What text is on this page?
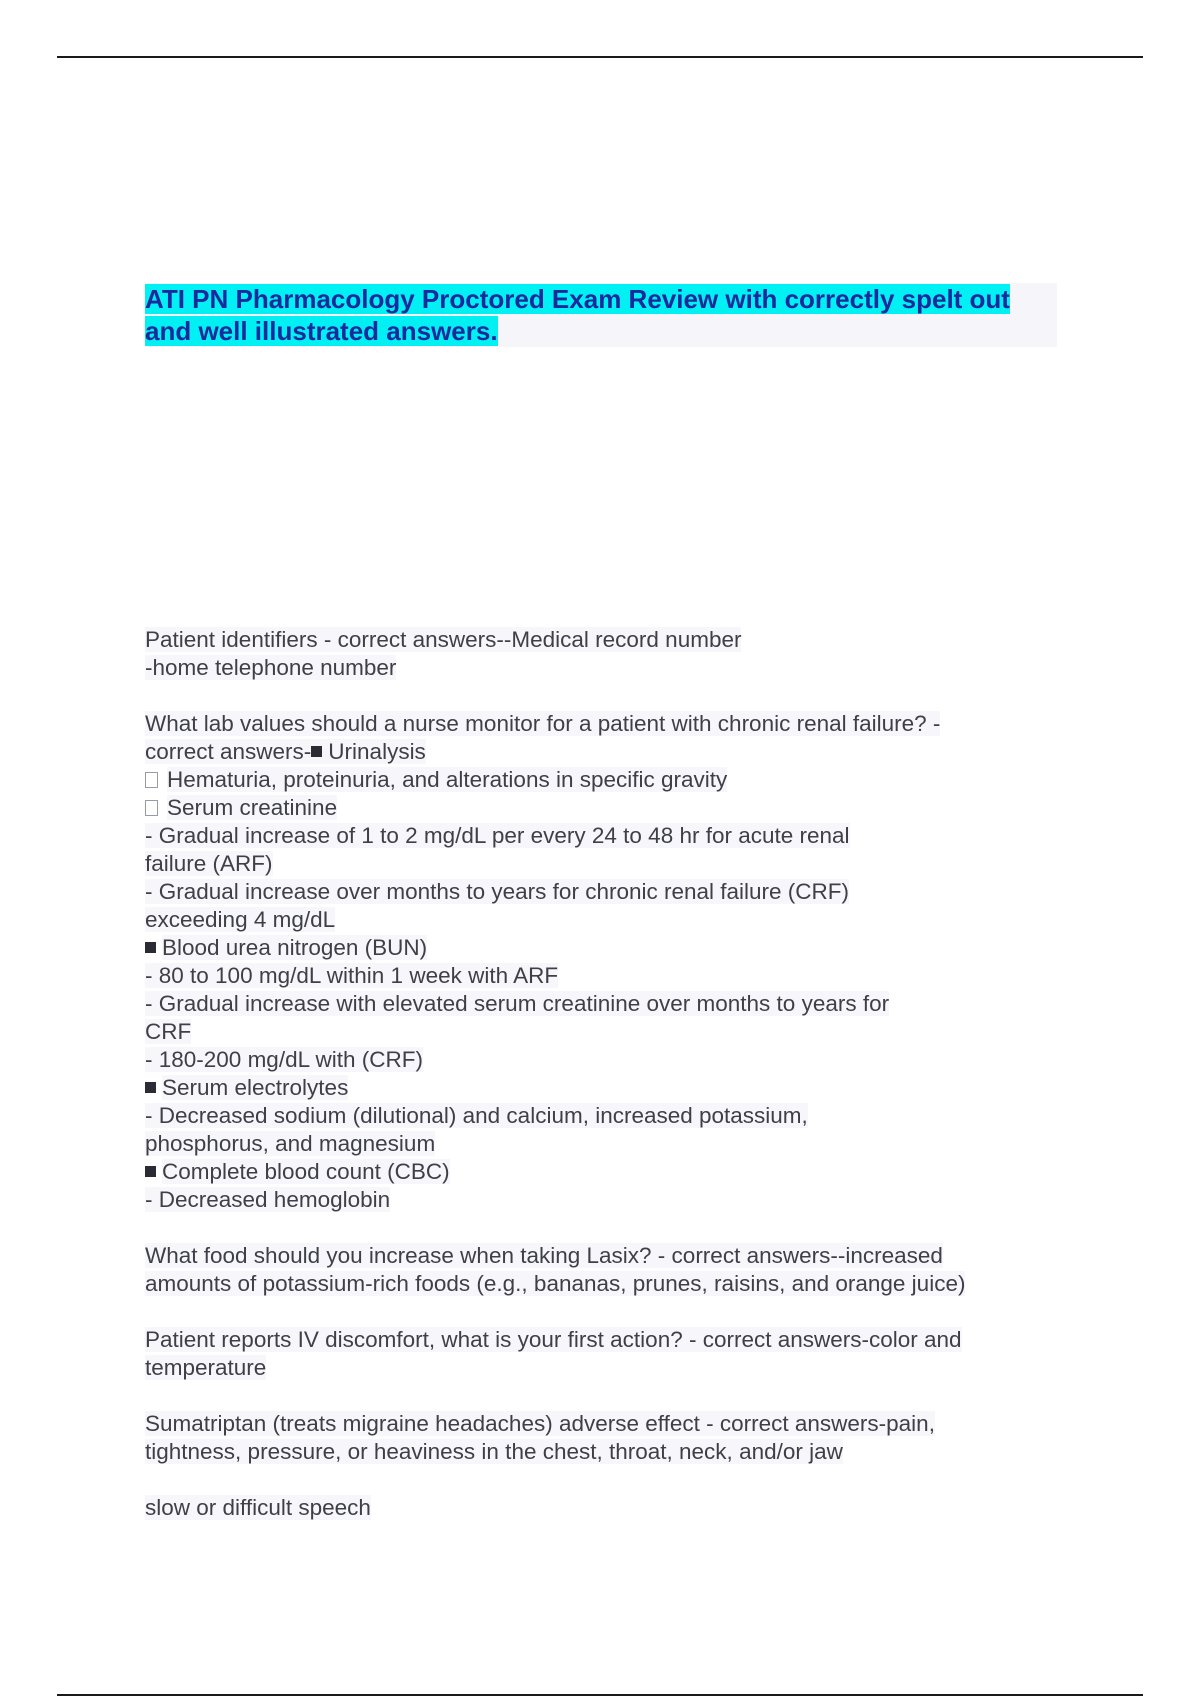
ATI PN Pharmacology Proctored Exam Review with correctly spelt out
and well illustrated answers.
Patient identifiers - correct answers--Medical record number
-home telephone number
What lab values should a nurse monitor for a patient with chronic renal failure? -
correct answers- Urinalysis
Hematuria, proteinuria, and alterations in specific gravity
Serum creatinine
- Gradual increase of 1 to 2 mg/dL per every 24 to 48 hr for acute renal
failure (ARF)
- Gradual increase over months to years for chronic renal failure (CRF)
exceeding 4 mg/dL
Blood urea nitrogen (BUN)
- 80 to 100 mg/dL within 1 week with ARF
- Gradual increase with elevated serum creatinine over months to years for
CRF
- 180-200 mg/dL with (CRF)
Serum electrolytes
- Decreased sodium (dilutional) and calcium, increased potassium,
phosphorus, and magnesium
Complete blood count (CBC)
- Decreased hemoglobin
What food should you increase when taking Lasix? - correct answers--increased
amounts of potassium-rich foods (e.g., bananas, prunes, raisins, and orange juice)
Patient reports IV discomfort, what is your first action? - correct answers-color and
temperature
Sumatriptan (treats migraine headaches) adverse effect - correct answers-pain,
tightness, pressure, or heaviness in the chest, throat, neck, and/or jaw
slow or difficult speech
